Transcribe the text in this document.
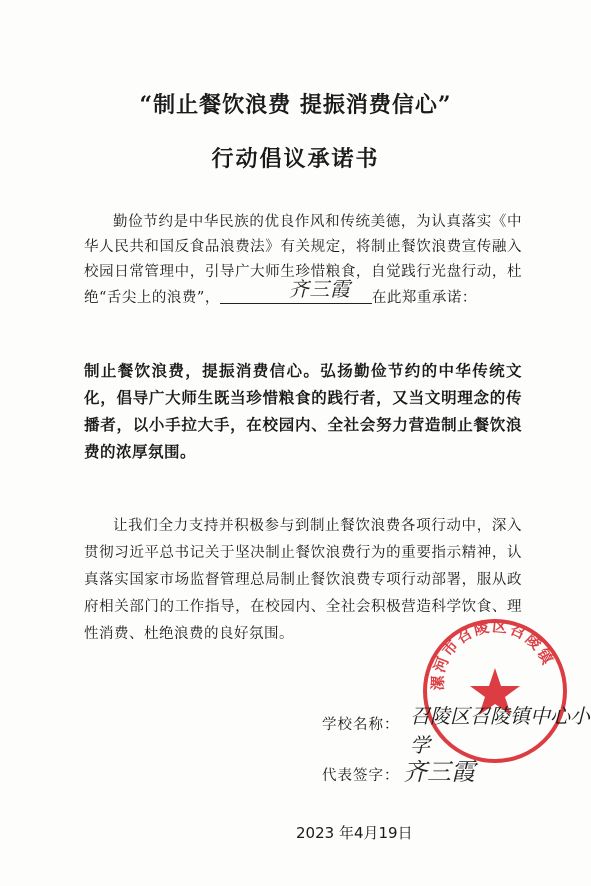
“制止餐饮浪费 提振消费信心”
行动倡议承诺书
勤俭节约是中华民族的优良作风和传统美德，为认真落实《中华人民共和国反食品浪费法》有关规定，将制止餐饮浪费宣传融入校园日常管理中，引导广大师生珍惜粮食，自觉践行光盘行动，杜绝“舌尖上的浪费”，	齐三霞 在此郑重承诺：
制止餐饮浪费，提振消费信心。弘扬勤俭节约的中华传统文化，倡导广大师生既当珍惜粮食的践行者，又当文明理念的传播者，以小手拉大手，在校园内、全社会努力营造制止餐饮浪费的浓厚氛围。
让我们全力支持并积极参与到制止餐饮浪费各项行动中，深入贯彻习近平总书记关于坚决制止餐饮浪费行为的重要指示精神，认真落实国家市场监督管理总局制止餐饮浪费专项行动部署，服从政府相关部门的工作指导，在校园内、全社会积极营造科学饮食、理性消费、杜绝浪费的良好氛围。
漯河市召陵区召陵镇
学校名称： 召陵区召陵镇中心小学
代表签字： 齐三霞
2023 年4月19日
